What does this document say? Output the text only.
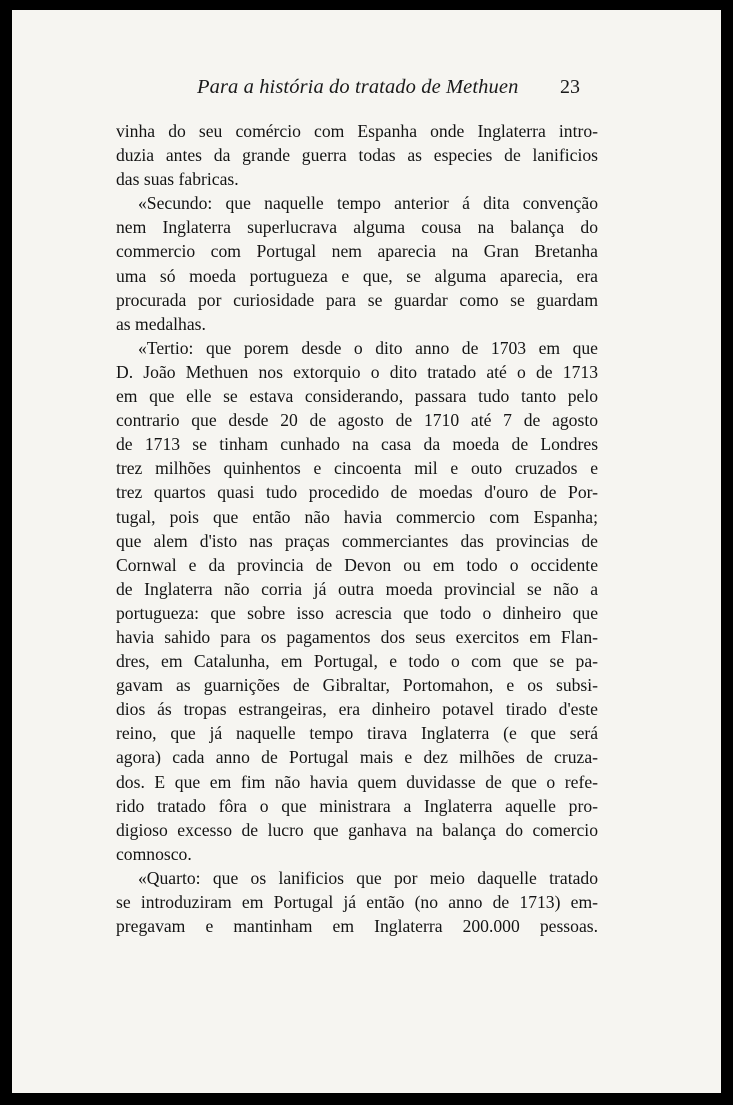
Para a história do tratado de Methuen 23
vinha do seu comércio com Espanha onde Inglaterra intro-
duzia antes da grande guerra todas as especies de lanificios
das suas fabricas.
«Secundo: que naquelle tempo anterior á dita convenção
nem Inglaterra superlucrava alguma cousa na balança do
commercio com Portugal nem aparecia na Gran Bretanha
uma só moeda portugueza e que, se alguma aparecia, era
procurada por curiosidade para se guardar como se guardam
as medalhas.
«Tertio: que porem desde o dito anno de 1703 em que
D. João Methuen nos extorquio o dito tratado até o de 1713
em que elle se estava considerando, passara tudo tanto pelo
contrario que desde 20 de agosto de 1710 até 7 de agosto
de 1713 se tinham cunhado na casa da moeda de Londres
trez milhões quinhentos e cincoenta mil e outo cruzados e
trez quartos quasi tudo procedido de moedas d'ouro de Por-
tugal, pois que então não havia commercio com Espanha;
que alem d'isto nas praças commerciantes das provincias de
Cornwal e da provincia de Devon ou em todo o occidente
de Inglaterra não corria já outra moeda provincial se não a
portugueza: que sobre isso acrescia que todo o dinheiro que
havia sahido para os pagamentos dos seus exercitos em Flan-
dres, em Catalunha, em Portugal, e todo o com que se pa-
gavam as guarnições de Gibraltar, Portomahon, e os subsi-
dios ás tropas estrangeiras, era dinheiro potavel tirado d'este
reino, que já naquelle tempo tirava Inglaterra (e que será
agora) cada anno de Portugal mais e dez milhões de cruza-
dos. E que em fim não havia quem duvidasse de que o refe-
rido tratado fôra o que ministrara a Inglaterra aquelle pro-
digioso excesso de lucro que ganhava na balança do comercio
comnosco.
«Quarto: que os lanificios que por meio daquelle tratado
se introduziram em Portugal já então (no anno de 1713) em-
pregavam e mantinham em Inglaterra 200.000 pessoas.
